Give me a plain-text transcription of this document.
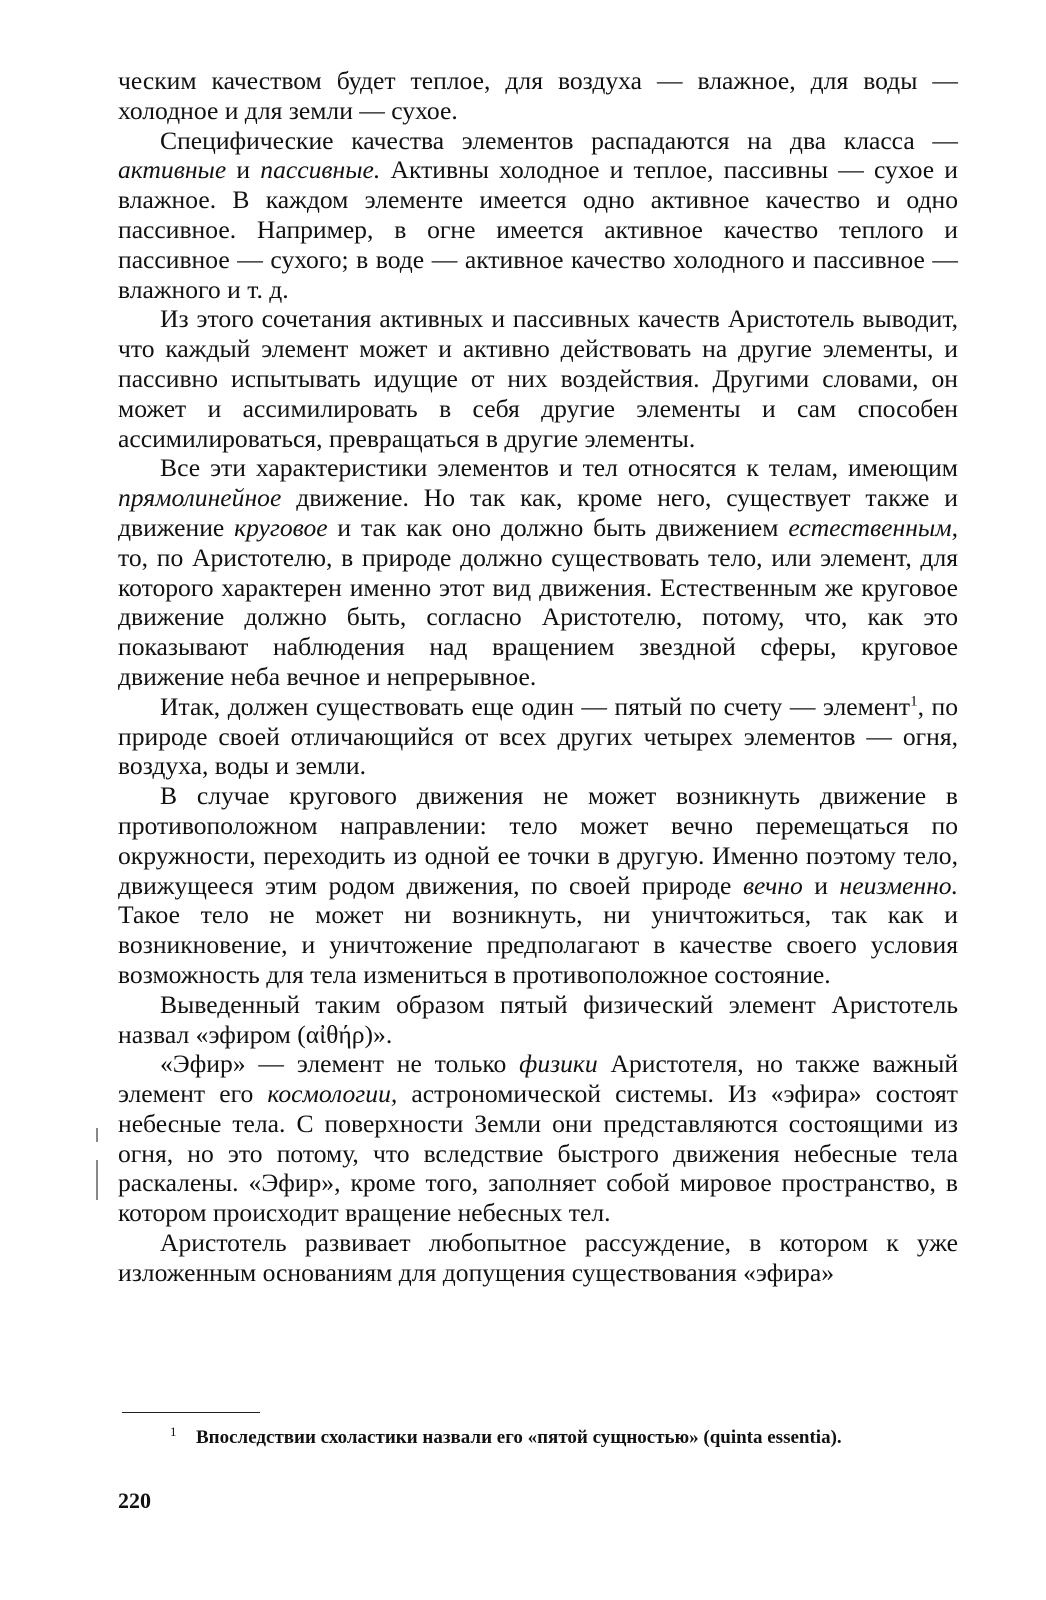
ческим качеством будет теплое, для воздуха — влажное, для воды — холодное и для земли — сухое.

Специфические качества элементов распадаются на два класса — активные и пассивные. Активны холодное и теплое, пассивны — сухое и влажное. В каждом элементе имеется одно активное качество и одно пассивное. Например, в огне имеется активное качество теплого и пассивное — сухого; в воде — активное качество холодного и пассивное — влажного и т. д.

Из этого сочетания активных и пассивных качеств Аристотель выводит, что каждый элемент может и активно действовать на другие элементы, и пассивно испытывать идущие от них воздействия. Другими словами, он может и ассимилировать в себя другие элементы и сам способен ассимилироваться, превращаться в другие элементы.

Все эти характеристики элементов и тел относятся к телам, имеющим прямолинейное движение. Но так как, кроме него, существует также и движение круговое и так как оно должно быть движением естественным, то, по Аристотелю, в природе должно существовать тело, или элемент, для которого характерен именно этот вид движения. Естественным же круговое движение должно быть, согласно Аристотелю, потому, что, как это показывают наблюдения над вращением звездной сферы, круговое движение неба вечное и непрерывное.

Итак, должен существовать еще один — пятый по счету — элемент$^1$, по природе своей отличающийся от всех других четырех элементов — огня, воздуха, воды и земли.

В случае кругового движения не может возникнуть движение в противоположном направлении: тело может вечно перемещаться по окружности, переходить из одной ее точки в другую. Именно поэтому тело, движущееся этим родом движения, по своей природе вечно и неизменно. Такое тело не может ни возникнуть, ни уничтожиться, так как и возникновение, и уничтожение предполагают в качестве своего условия возможность для тела измениться в противоположное состояние.

Выведенный таким образом пятый физический элемент Аристотель назвал «эфиром (αἰθήρ)».

«Эфир» — элемент не только физики Аристотеля, но также важный элемент его космологии, астрономической системы. Из «эфира» состоят небесные тела. С поверхности Земли они представляются состоящими из огня, но это потому, что вследствие быстрого движения небесные тела раскалены. «Эфир», кроме того, заполняет собой мировое пространство, в котором происходит вращение небесных тел.

Аристотель развивает любопытное рассуждение, в котором к уже изложенным основаниям для допущения существования «эфира»

1	Впоследствии схоластики назвали его «пятой сущностью» (quinta essentia).
220
